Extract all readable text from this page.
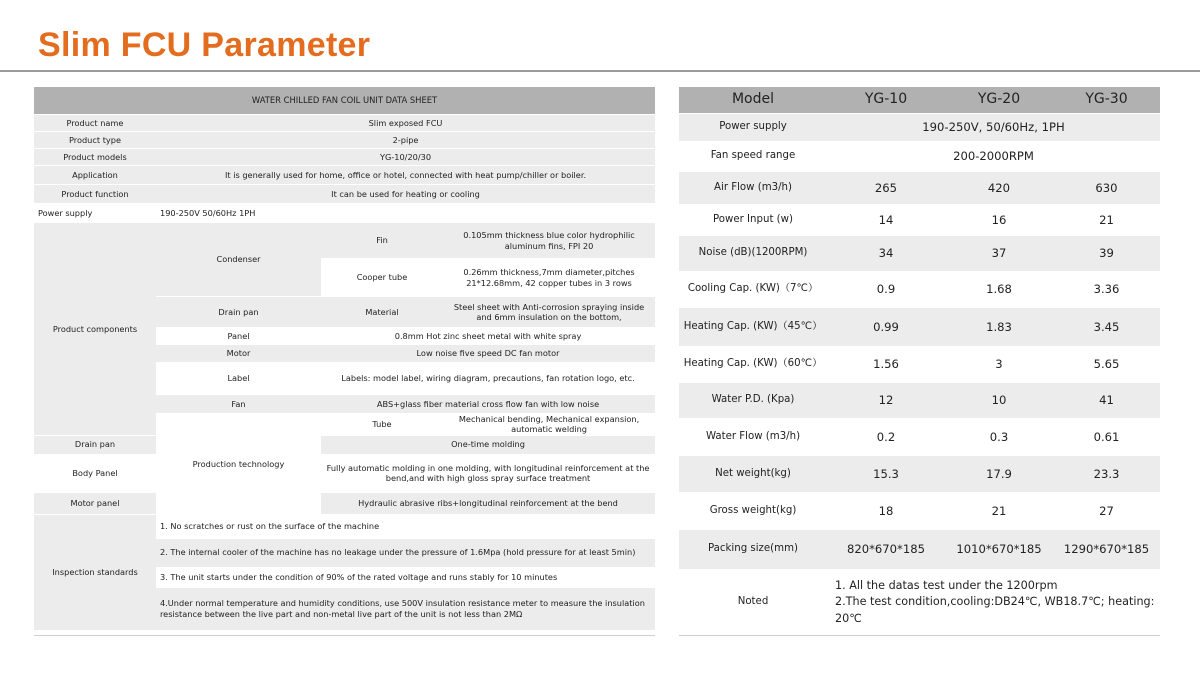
Slim FCU Parameter
WATER CHILLED FAN COIL UNIT DATA SHEET			
Product name	Slim exposed FCU		
Product type	2-pipe		
Product models	YG-10/20/30		
Application	It is generally used for home, office or hotel, connected with heat pump/chiller or boiler.		
Product function	It can be used for heating or cooling		
Power supply	190-250V 50/60Hz 1PH		
Product components	Condenser	Fin	0.105mm thickness blue color hydrophilic aluminum fins, FPI 20
		Cooper tube	0.26mm thickness,7mm diameter,pitches 21*12.68mm, 42 copper tubes in 3 rows
	Drain pan	Material	Steel sheet with Anti-corrosion spraying inside and 6mm insulation on the bottom,
	Panel	0.8mm Hot zinc sheet metal with white spray	
	Motor	Low noise five speed DC fan motor	
	Label	Labels: model label, wiring diagram, precautions, fan rotation logo, etc.	
	Fan	ABS+glass fiber material cross flow fan with low noise	
	Production technology	Tube	Mechanical bending, Mechanical expansion, automatic welding
Drain pan		One-time molding	
Body Panel		Fully automatic molding in one molding, with longitudinal reinforcement at the bend,and with high gloss spray surface treatment	
Motor panel		Hydraulic abrasive ribs+longitudinal reinforcement at the bend	
Inspection standards	1. No scratches or rust on the surface of the machine		
	2. The internal cooler of the machine has no leakage under the pressure of 1.6Mpa (hold pressure for at least 5min)		
	3. The unit starts under the condition of 90% of the rated voltage and runs stably for 10 minutes		
	4.Under normal temperature and humidity conditions, use 500V insulation resistance meter to measure the insulation resistance between the live part and non-metal live part of the unit is not less than 2MΩ		
Model	YG-10	YG-20	YG-30
Power supply	190-250V, 50/60Hz, 1PH		
Fan speed range	200-2000RPM		
Air Flow (m3/h)	265	420	630
Power Input (w)	14	16	21
Noise (dB)(1200RPM)	34	37	39
Cooling Cap. (KW)（7℃）	0.9	1.68	3.36
Heating Cap. (KW)（45℃）	0.99	1.83	3.45
Heating Cap. (KW)（60℃）	1.56	3	5.65
Water P.D. (Kpa)	12	10	41
Water Flow (m3/h)	0.2	0.3	0.61
Net weight(kg)	15.3	17.9	23.3
Gross weight(kg)	18	21	27
Packing size(mm)	820*670*185	1010*670*185	1290*670*185
Noted	1. All the datas test under the 1200rpm
2.The test condition,cooling:DB24℃, WB18.7℃; heating: 20℃		
